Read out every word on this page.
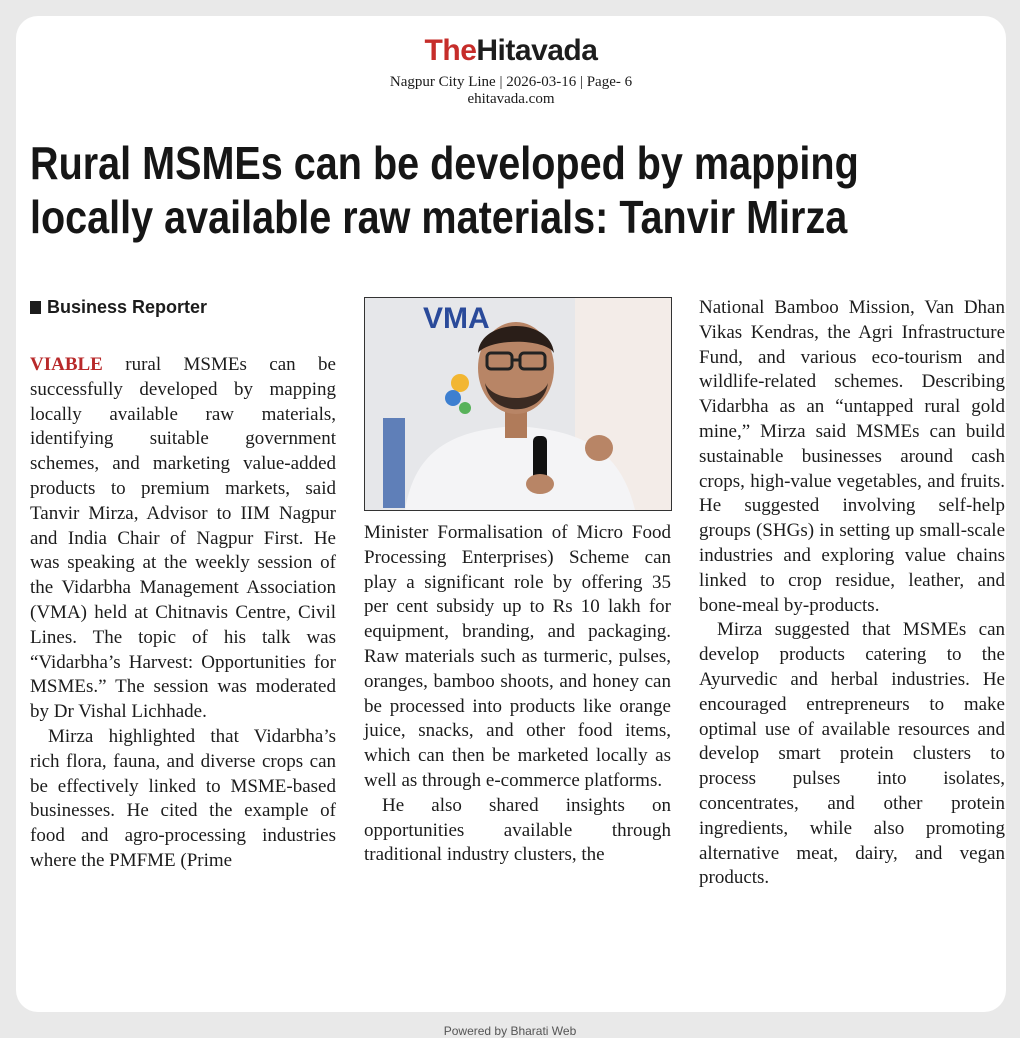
TheHitavada
Nagpur City Line | 2026-03-16 | Page- 6
ehitavada.com
Rural MSMEs can be developed by mapping
locally available raw materials: Tanvir Mirza
Business Reporter

VIABLE rural MSMEs can be successfully developed by mapping locally available raw materials, identifying suitable government schemes, and marketing value-added products to premium markets, said Tanvir Mirza, Advisor to IIM Nagpur and India Chair of Nagpur First. He was speaking at the weekly session of the Vidarbha Management Association (VMA) held at Chitnavis Centre, Civil Lines. The topic of his talk was “Vidarbha’s Harvest: Opportunities for MSMEs.” The session was moderated by Dr Vishal Lichhade.

Mirza highlighted that Vidarbha’s rich flora, fauna, and diverse crops can be effectively linked to MSME-based businesses. He cited the example of food and agro-processing industries where the PMFME (Prime

VMA

Minister Formalisation of Micro Food Processing Enterprises) Scheme can play a significant role by offering 35 per cent subsidy up to Rs 10 lakh for equipment, branding, and packaging. Raw materials such as turmeric, pulses, oranges, bamboo shoots, and honey can be processed into products like orange juice, snacks, and other food items, which can then be marketed locally as well as through e-commerce platforms.

He also shared insights on opportunities available through traditional industry clusters, the

National Bamboo Mission, Van Dhan Vikas Kendras, the Agri Infrastructure Fund, and various eco-tourism and wildlife-related schemes. Describing Vidarbha as an “untapped rural gold mine,” Mirza said MSMEs can build sustainable businesses around cash crops, high-value vegetables, and fruits. He suggested involving self-help groups (SHGs) in setting up small-scale industries and exploring value chains linked to crop residue, leather, and bone-meal by-products.

Mirza suggested that MSMEs can develop products catering to the Ayurvedic and herbal industries. He encouraged entrepreneurs to make optimal use of available resources and develop smart protein clusters to process pulses into isolates, concentrates, and other protein ingredients, while also promoting alternative meat, dairy, and vegan products.

Powered by Bharati Web
